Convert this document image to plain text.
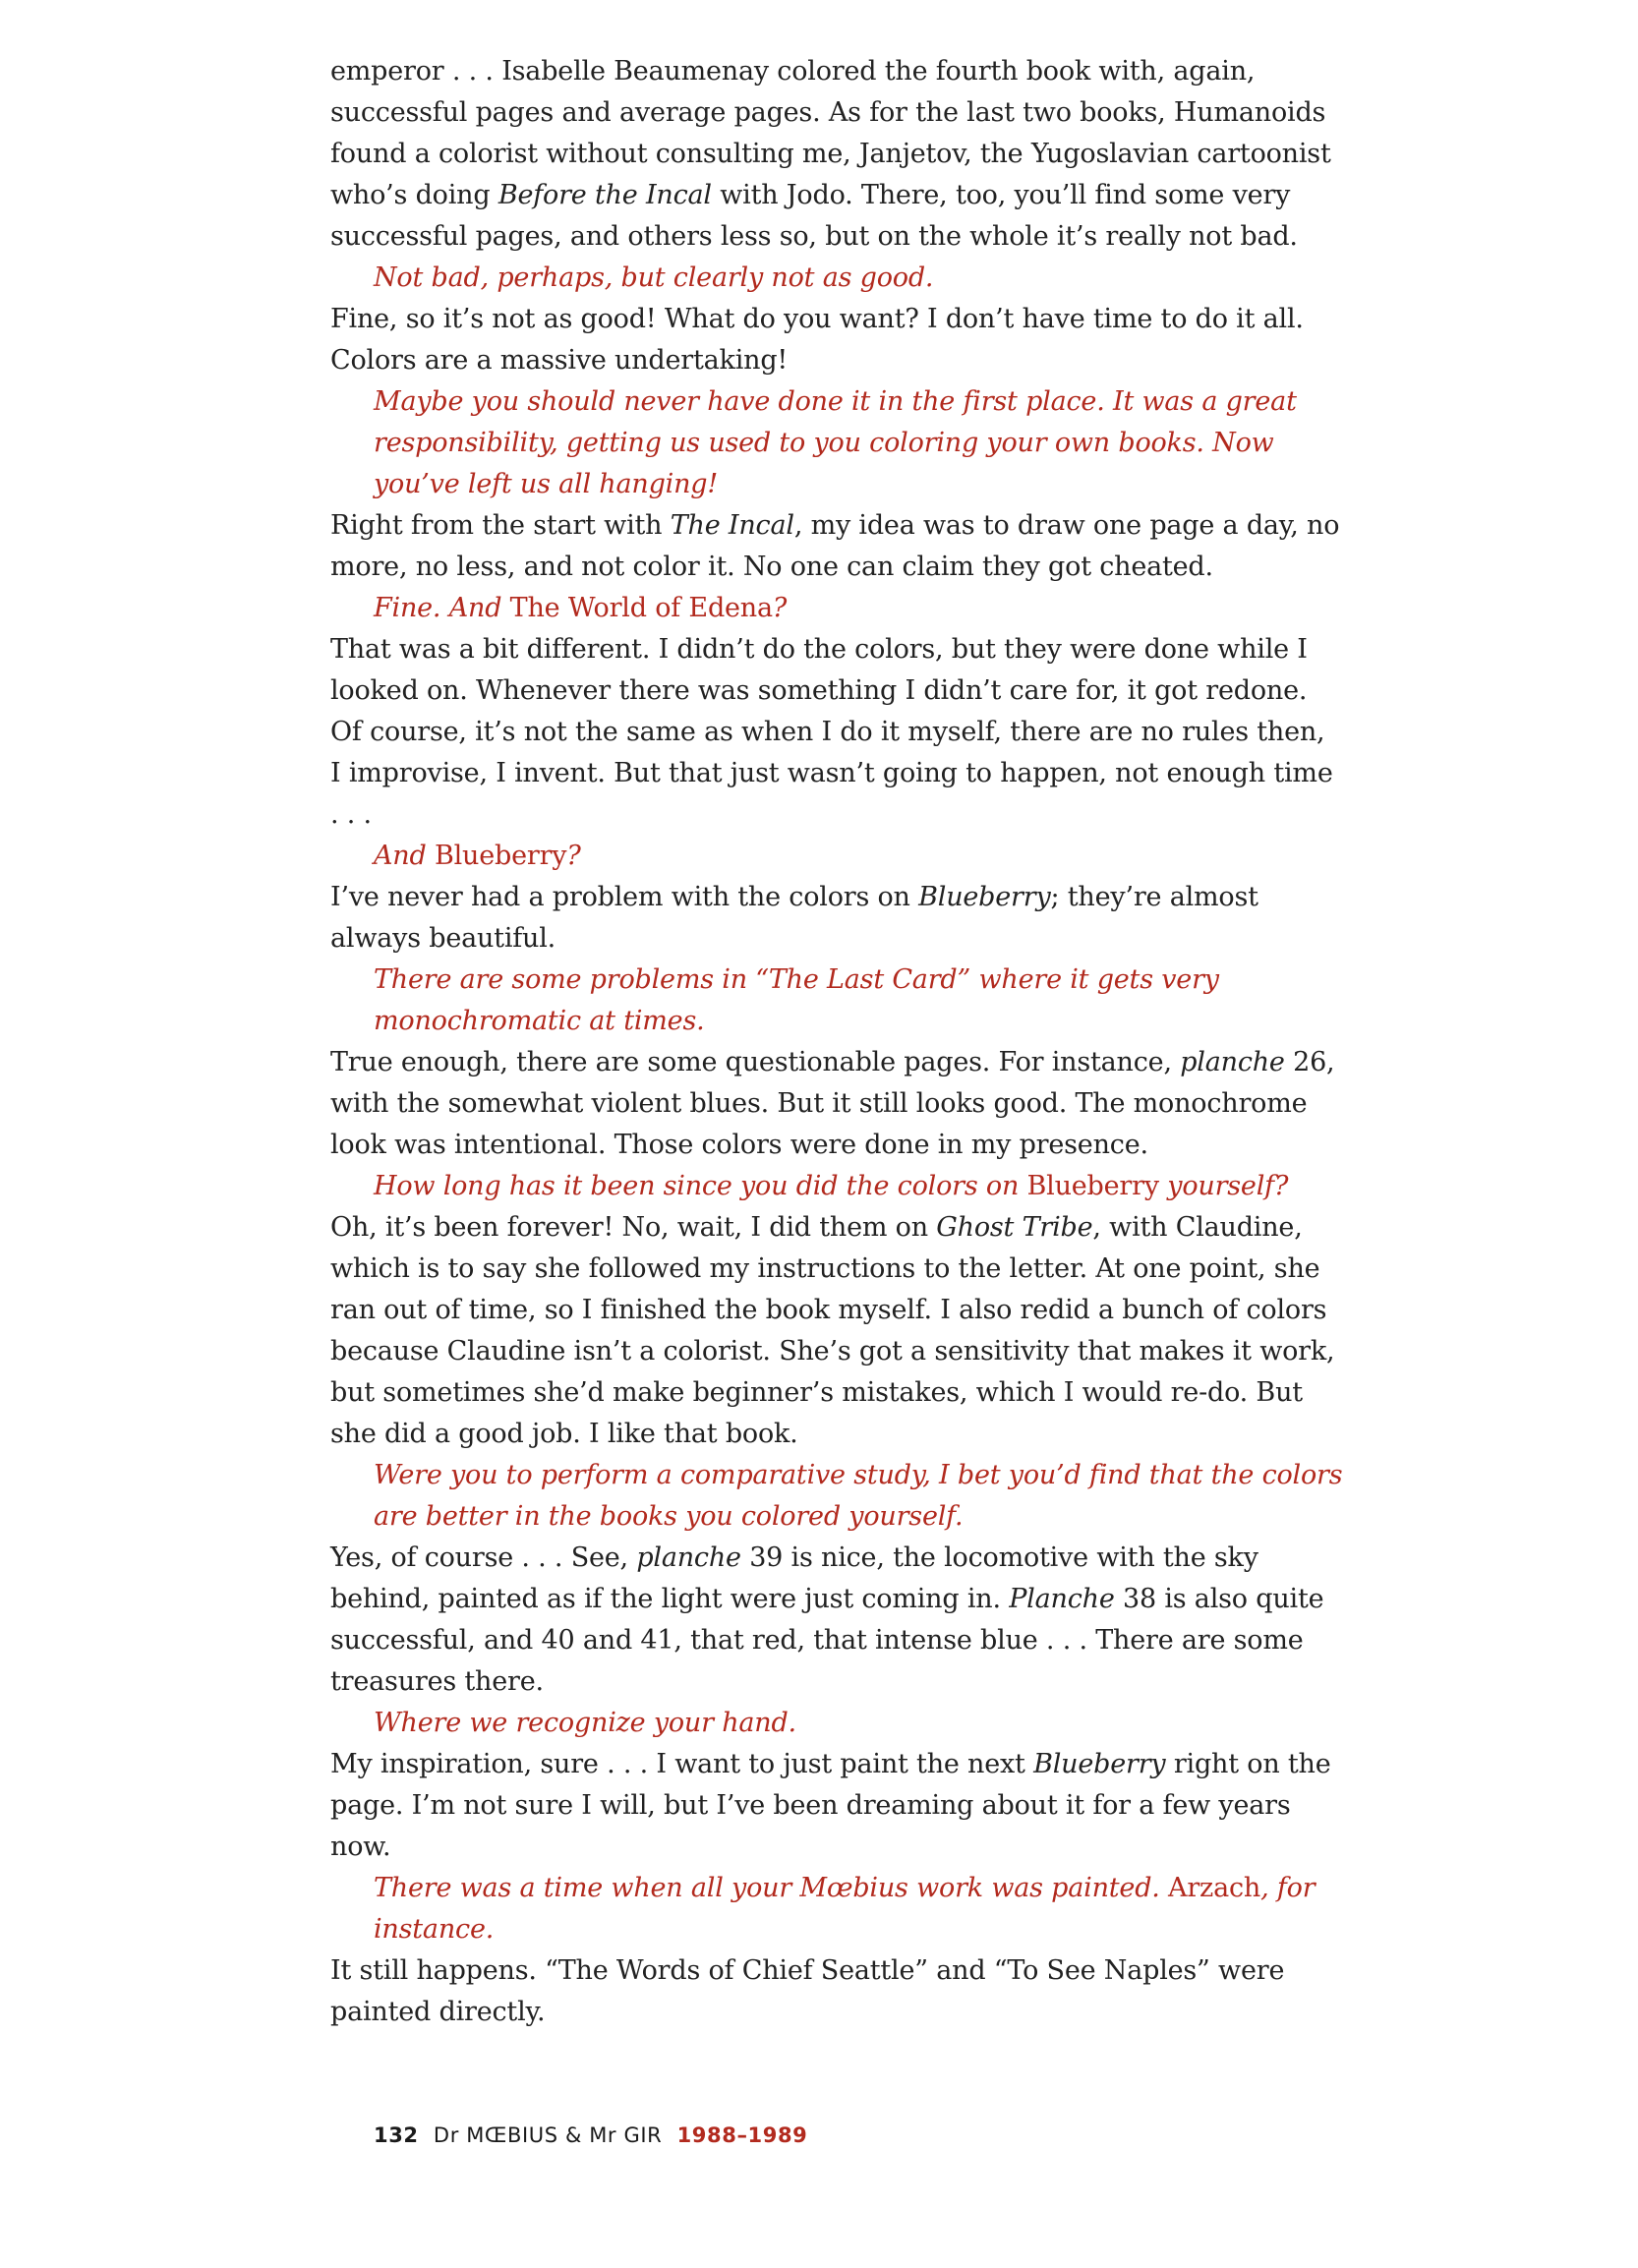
emperor . . . Isabelle Beaumenay colored the fourth book with, again, successful pages and average pages. As for the last two books, Humanoids found a colorist without consulting me, Janjetov, the Yugoslavian cartoonist who’s doing Before the Incal with Jodo. There, too, you’ll find some very successful pages, and others less so, but on the whole it’s really not bad.

Not bad, perhaps, but clearly not as good.

Fine, so it’s not as good! What do you want? I don’t have time to do it all. Colors are a massive undertaking!

Maybe you should never have done it in the first place. It was a great responsibility, getting us used to you coloring your own books. Now you’ve left us all hanging!

Right from the start with The Incal, my idea was to draw one page a day, no more, no less, and not color it. No one can claim they got cheated.

Fine. And The World of Edena?

That was a bit different. I didn’t do the colors, but they were done while I looked on. Whenever there was something I didn’t care for, it got redone. Of course, it’s not the same as when I do it myself, there are no rules then, I improvise, I invent. But that just wasn’t going to happen, not enough time . . .

And Blueberry?

I’ve never had a problem with the colors on Blueberry; they’re almost always beautiful.

There are some problems in “The Last Card” where it gets very monochromatic at times.

True enough, there are some questionable pages. For instance, planche 26, with the somewhat violent blues. But it still looks good. The monochrome look was intentional. Those colors were done in my presence.

How long has it been since you did the colors on Blueberry yourself?

Oh, it’s been forever! No, wait, I did them on Ghost Tribe, with Claudine, which is to say she followed my instructions to the letter. At one point, she ran out of time, so I finished the book myself. I also redid a bunch of colors because Claudine isn’t a colorist. She’s got a sensitivity that makes it work, but sometimes she’d make beginner’s mistakes, which I would re-do. But she did a good job. I like that book.

Were you to perform a comparative study, I bet you’d find that the colors are better in the books you colored yourself.

Yes, of course . . . See, planche 39 is nice, the locomotive with the sky behind, painted as if the light were just coming in. Planche 38 is also quite successful, and 40 and 41, that red, that intense blue . . . There are some treasures there.

Where we recognize your hand.

My inspiration, sure . . . I want to just paint the next Blueberry right on the page. I’m not sure I will, but I’ve been dreaming about it for a few years now.

There was a time when all your Mœbius work was painted. Arzach, for instance.

It still happens. “The Words of Chief Seattle” and “To See Naples” were painted directly.

132 Dr MŒBIUS & Mr GIR 1988–1989
